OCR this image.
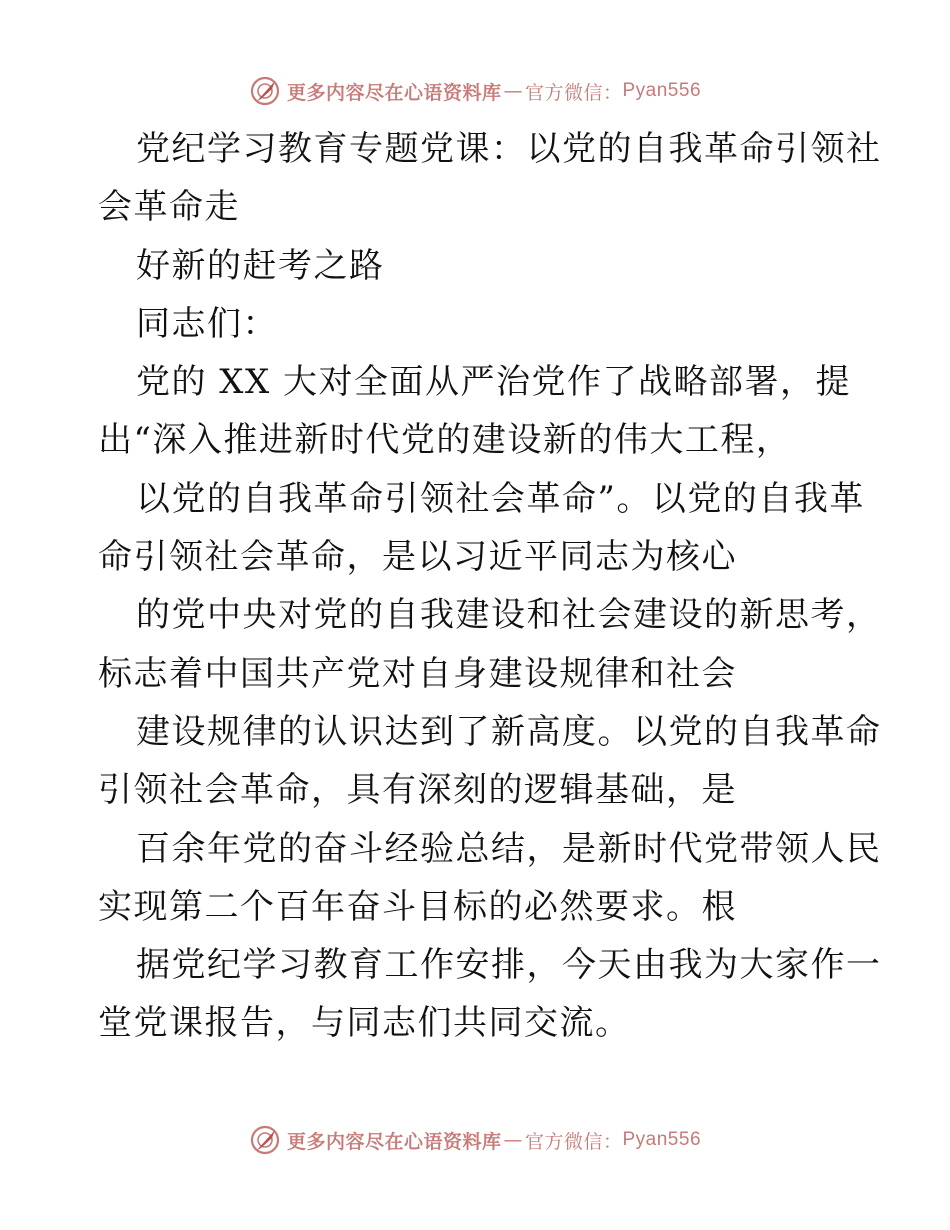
更多内容尽在心语资料库 — 官方微信： Pyan556
党纪学习教育专题党课：以党的自我革命引领社
会革命走
好新的赶考之路
同志们：
党的 XX 大对全面从严治党作了战略部署，提
出“深入推进新时代党的建设新的伟大工程，
以党的自我革命引领社会革命”。以党的自我革
命引领社会革命，是以习近平同志为核心
的党中央对党的自我建设和社会建设的新思考，
标志着中国共产党对自身建设规律和社会
建设规律的认识达到了新高度。以党的自我革命
引领社会革命，具有深刻的逻辑基础，是
百余年党的奋斗经验总结，是新时代党带领人民
实现第二个百年奋斗目标的必然要求。根
据党纪学习教育工作安排，今天由我为大家作一
堂党课报告，与同志们共同交流。
更多内容尽在心语资料库 — 官方微信： Pyan556
